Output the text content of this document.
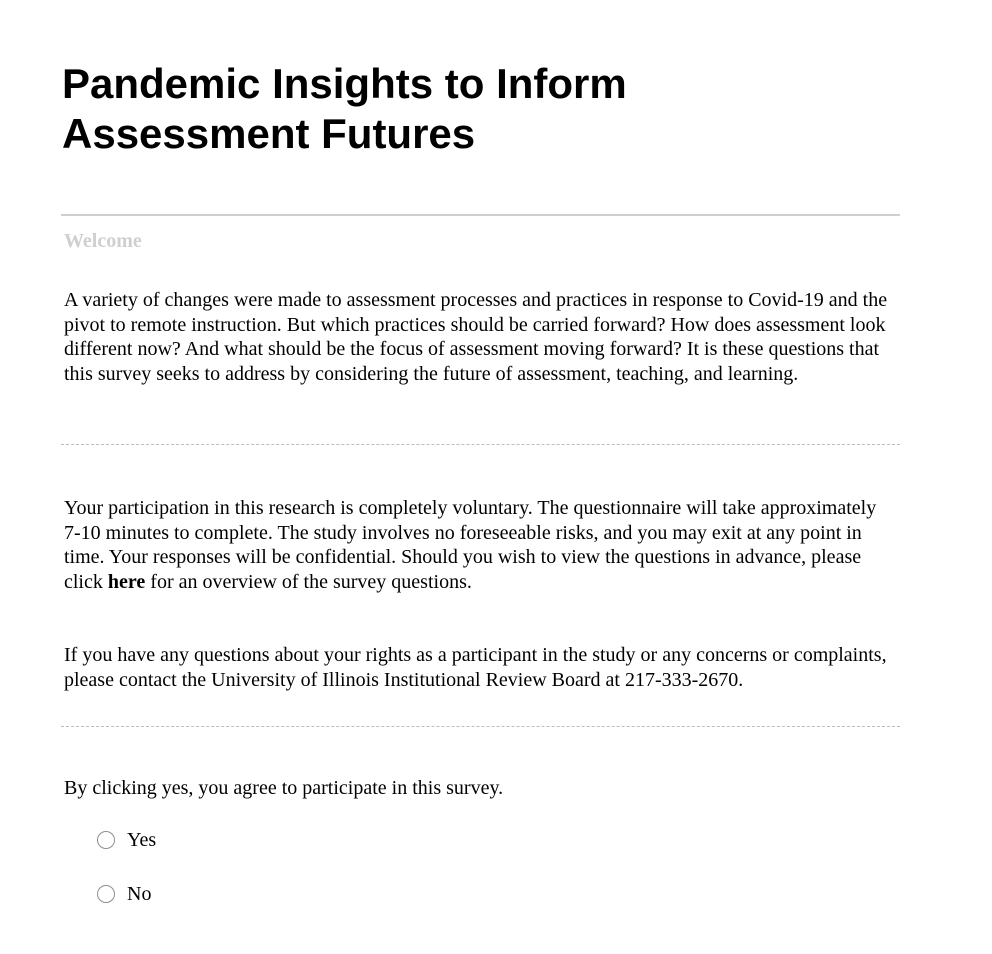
Pandemic Insights to Inform Assessment Futures
Welcome

A variety of changes were made to assessment processes and practices in response to Covid-19 and the pivot to remote instruction. But which practices should be carried forward? How does assessment look different now? And what should be the focus of assessment moving forward? It is these questions that this survey seeks to address by considering the future of assessment, teaching, and learning.

Your participation in this research is completely voluntary. The questionnaire will take approximately 7-10 minutes to complete. The study involves no foreseeable risks, and you may exit at any point in time. Your responses will be confidential. Should you wish to view the questions in advance, please click here for an overview of the survey questions.

If you have any questions about your rights as a participant in the study or any concerns or complaints, please contact the University of Illinois Institutional Review Board at 217-333-2670.

By clicking yes, you agree to participate in this survey.

Yes
No
